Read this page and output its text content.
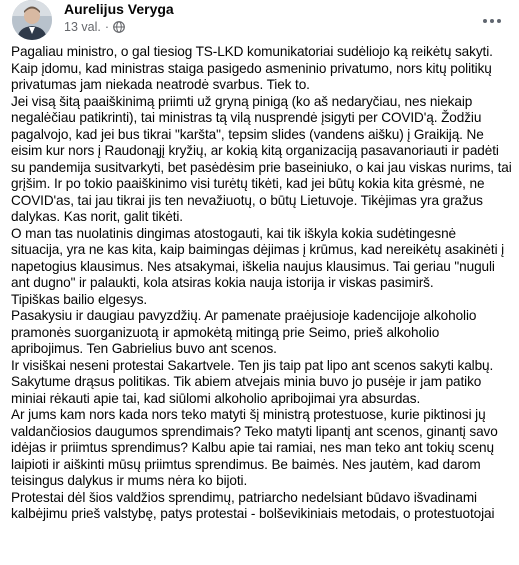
Aurelijus Veryga
13 val. ·

Pagaliau ministro, o gal tiesiog TS-LKD komunikatoriai sudėliojo ką reikėtų sakyti.

Kaip įdomu, kad ministras staiga pasigedo asmeninio privatumo, nors kitų politikų

privatumas jam niekada neatrodė svarbus. Tiek to.

Jei visą šitą paaiškinimą priimti už gryną pinigą (ko aš nedaryčiau, nes niekaip

negalėčiau patikrinti), tai ministras tą vilą nusprendė įsigyti per COVID'ą. Žodžiu

pagalvojo, kad jei bus tikrai "karšta", tepsim slides (vandens aišku) į Graikiją. Ne

eisim kur nors į Raudonąjį kryžių, ar kokią kitą organizaciją pasavanoriauti ir padėti

su pandemija susitvarkyti, bet pasėdėsim prie baseiniuko, o kai jau viskas nurims, tai

grįšim. Ir po tokio paaiškinimo visi turėtų tikėti, kad jei būtų kokia kita grėsmė, ne

COVID'as, tai jau tikrai jis ten nevažiuotų, o būtų Lietuvoje. Tikėjimas yra gražus

dalykas. Kas norit, galit tikėti.

O man tas nuolatinis dingimas atostogauti, kai tik iškyla kokia sudėtingesnė

situacija, yra ne kas kita, kaip baimingas dėjimas į krūmus, kad nereikėtų asakinėti į

napetogius klausimus. Nes atsakymai, iškelia naujus klausimus. Tai geriau "nuguli

ant dugno" ir palaukti, kola atsiras kokia nauja istorija ir viskas pasimirš.

Tipiškas bailio elgesys.

Pasakysiu ir daugiau pavyzdžių. Ar pamenate praėjusioje kadencijoje alkoholio

pramonės suorganizuotą ir apmokėtą mitingą prie Seimo, prieš alkoholio

apribojimus. Ten Gabrielius buvo ant scenos.

Ir visiškai neseni protestai Sakartvele. Ten jis taip pat lipo ant scenos sakyti kalbų.

Sakytume drąsus politikas. Tik abiem atvejais minia buvo jo pusėje ir jam patiko

miniai rėkauti apie tai, kad siūlomi alkoholio apribojimai yra absurdas.

Ar jums kam nors kada nors teko matyti šį ministrą protestuose, kurie piktinosi jų

valdančiosios daugumos sprendimais? Teko matyti lipantį ant scenos, ginantį savo

idėjas ir priimtus sprendimus? Kalbu apie tai ramiai, nes man teko ant tokių scenų

laipioti ir aiškinti mūsų priimtus sprendimus. Be baimės. Nes jautėm, kad darom

teisingus dalykus ir mums nėra ko bijoti.

Protestai dėl šios valdžios sprendimų, patriarcho nedelsiant būdavo išvadinami

kalbėjimu prieš valstybę, patys protestai - bolševikiniais metodais, o protestuotojai
